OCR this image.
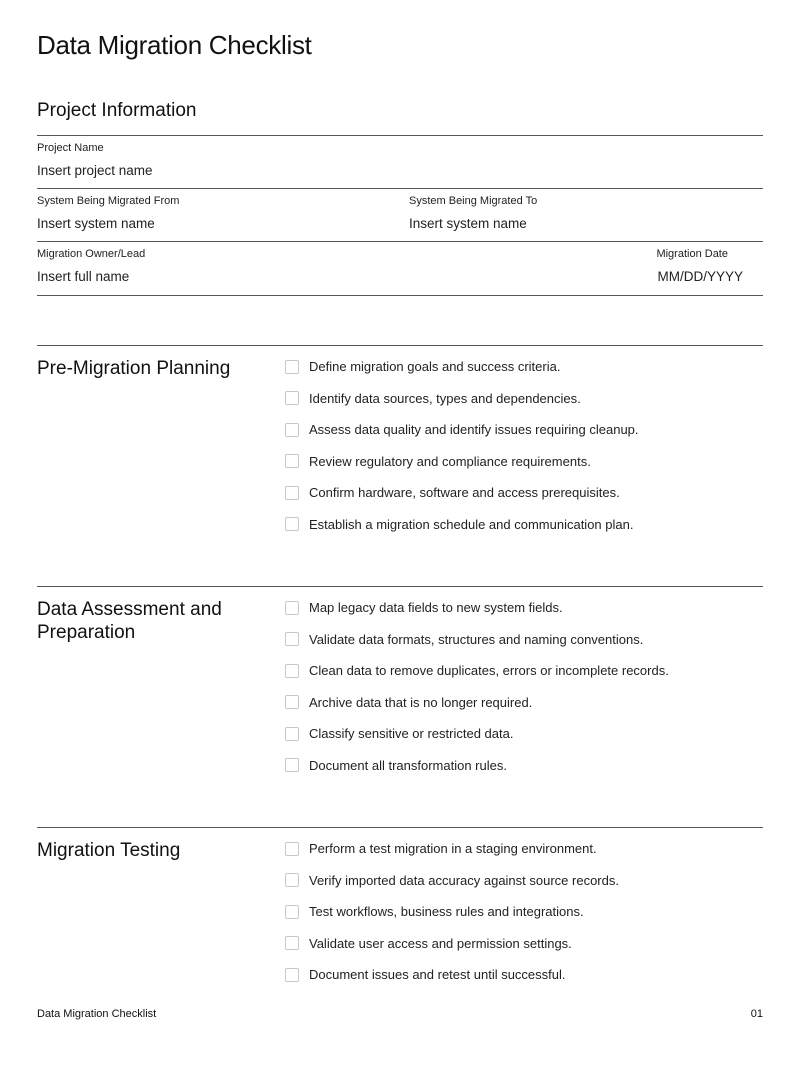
Data Migration Checklist
Project Information
Project Name
Insert project name
System Being Migrated From
Insert system name
System Being Migrated To
Insert system name
Migration Owner/Lead
Insert full name
Migration Date
MM/DD/YYYY
Pre-Migration Planning	Define migration goals and success criteria.
Identify data sources, types and dependencies.
Assess data quality and identify issues requiring cleanup.
Review regulatory and compliance requirements.
Confirm hardware, software and access prerequisites.
Establish a migration schedule and communication plan.
Data Assessment and Preparation
Map legacy data fields to new system fields.
Validate data formats, structures and naming conventions.
Clean data to remove duplicates, errors or incomplete records.
Archive data that is no longer required.
Classify sensitive or restricted data.
Document all transformation rules.
Migration Testing	Perform a test migration in a staging environment.
Verify imported data accuracy against source records.
Test workflows, business rules and integrations.
Validate user access and permission settings.
Document issues and retest until successful.
Data Migration Checklist	01
